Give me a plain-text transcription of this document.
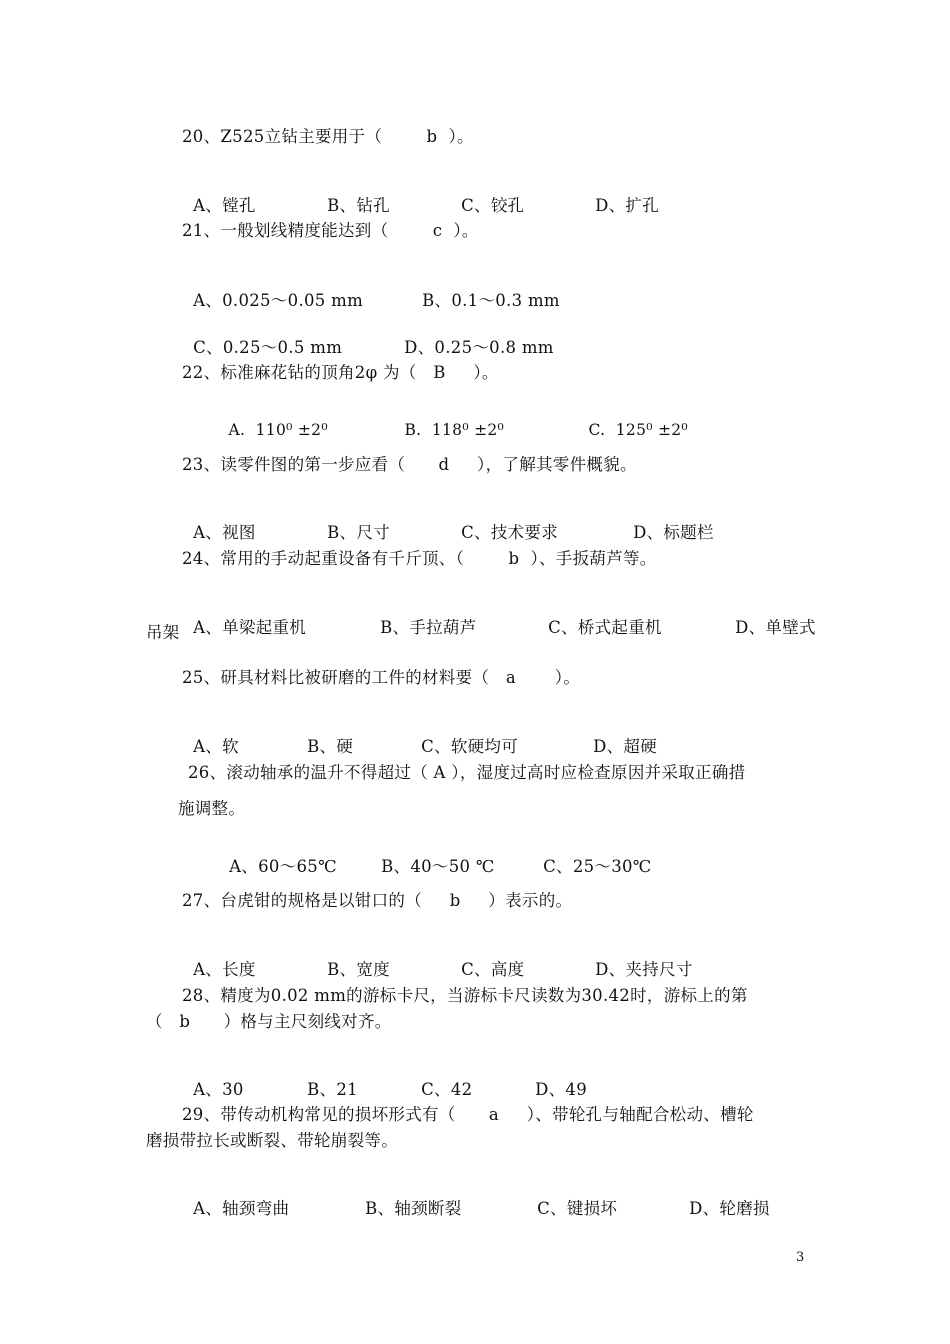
20、Z525立钻主要用于（        b  ）。

A、镗孔	B、钻孔	C、铰孔	D、扩孔

21、一般划线精度能达到（        c  ）。

A、0.025～0.05 mm	B、0.1～0.3 mm

C、0.25～0.5 mm	D、0.25～0.8 mm

22、标准麻花钻的顶角2φ 为（   B     ）。

A.  110⁰ ±2⁰	B.  118⁰ ±2⁰	C.  125⁰ ±2⁰

23、读零件图的第一步应看（      d     ），了解其零件概貌。

A、视图	B、尺寸	C、技术要求	D、标题栏

24、常用的手动起重设备有千斤顶、（        b  ）、手扳葫芦等。

A、单梁起重机	B、手拉葫芦	C、桥式起重机	D、单壁式

吊架
25、研具材料比被研磨的工件的材料要（   a       ）。

A、软	B、硬	C、软硬均可	D、超硬

26、滚动轴承的温升不得超过（ A ），湿度过高时应检查原因并采取正确措
施调整。

A、60～65℃	B、40～50 ℃	C、25～30℃

27、台虎钳的规格是以钳口的（     b     ）表示的。

A、长度	B、宽度	C、高度	D、夹持尺寸

28、精度为0.02 mm的游标卡尺，当游标卡尺读数为30.42时，游标上的第
（   b      ）格与主尺刻线对齐。

A、30	B、21	C、42	D、49

29、带传动机构常见的损坏形式有（      a     ）、带轮孔与轴配合松动、槽轮
磨损带拉长或断裂、带轮崩裂等。

A、轴颈弯曲	B、轴颈断裂	C、键损坏	D、轮磨损

3
